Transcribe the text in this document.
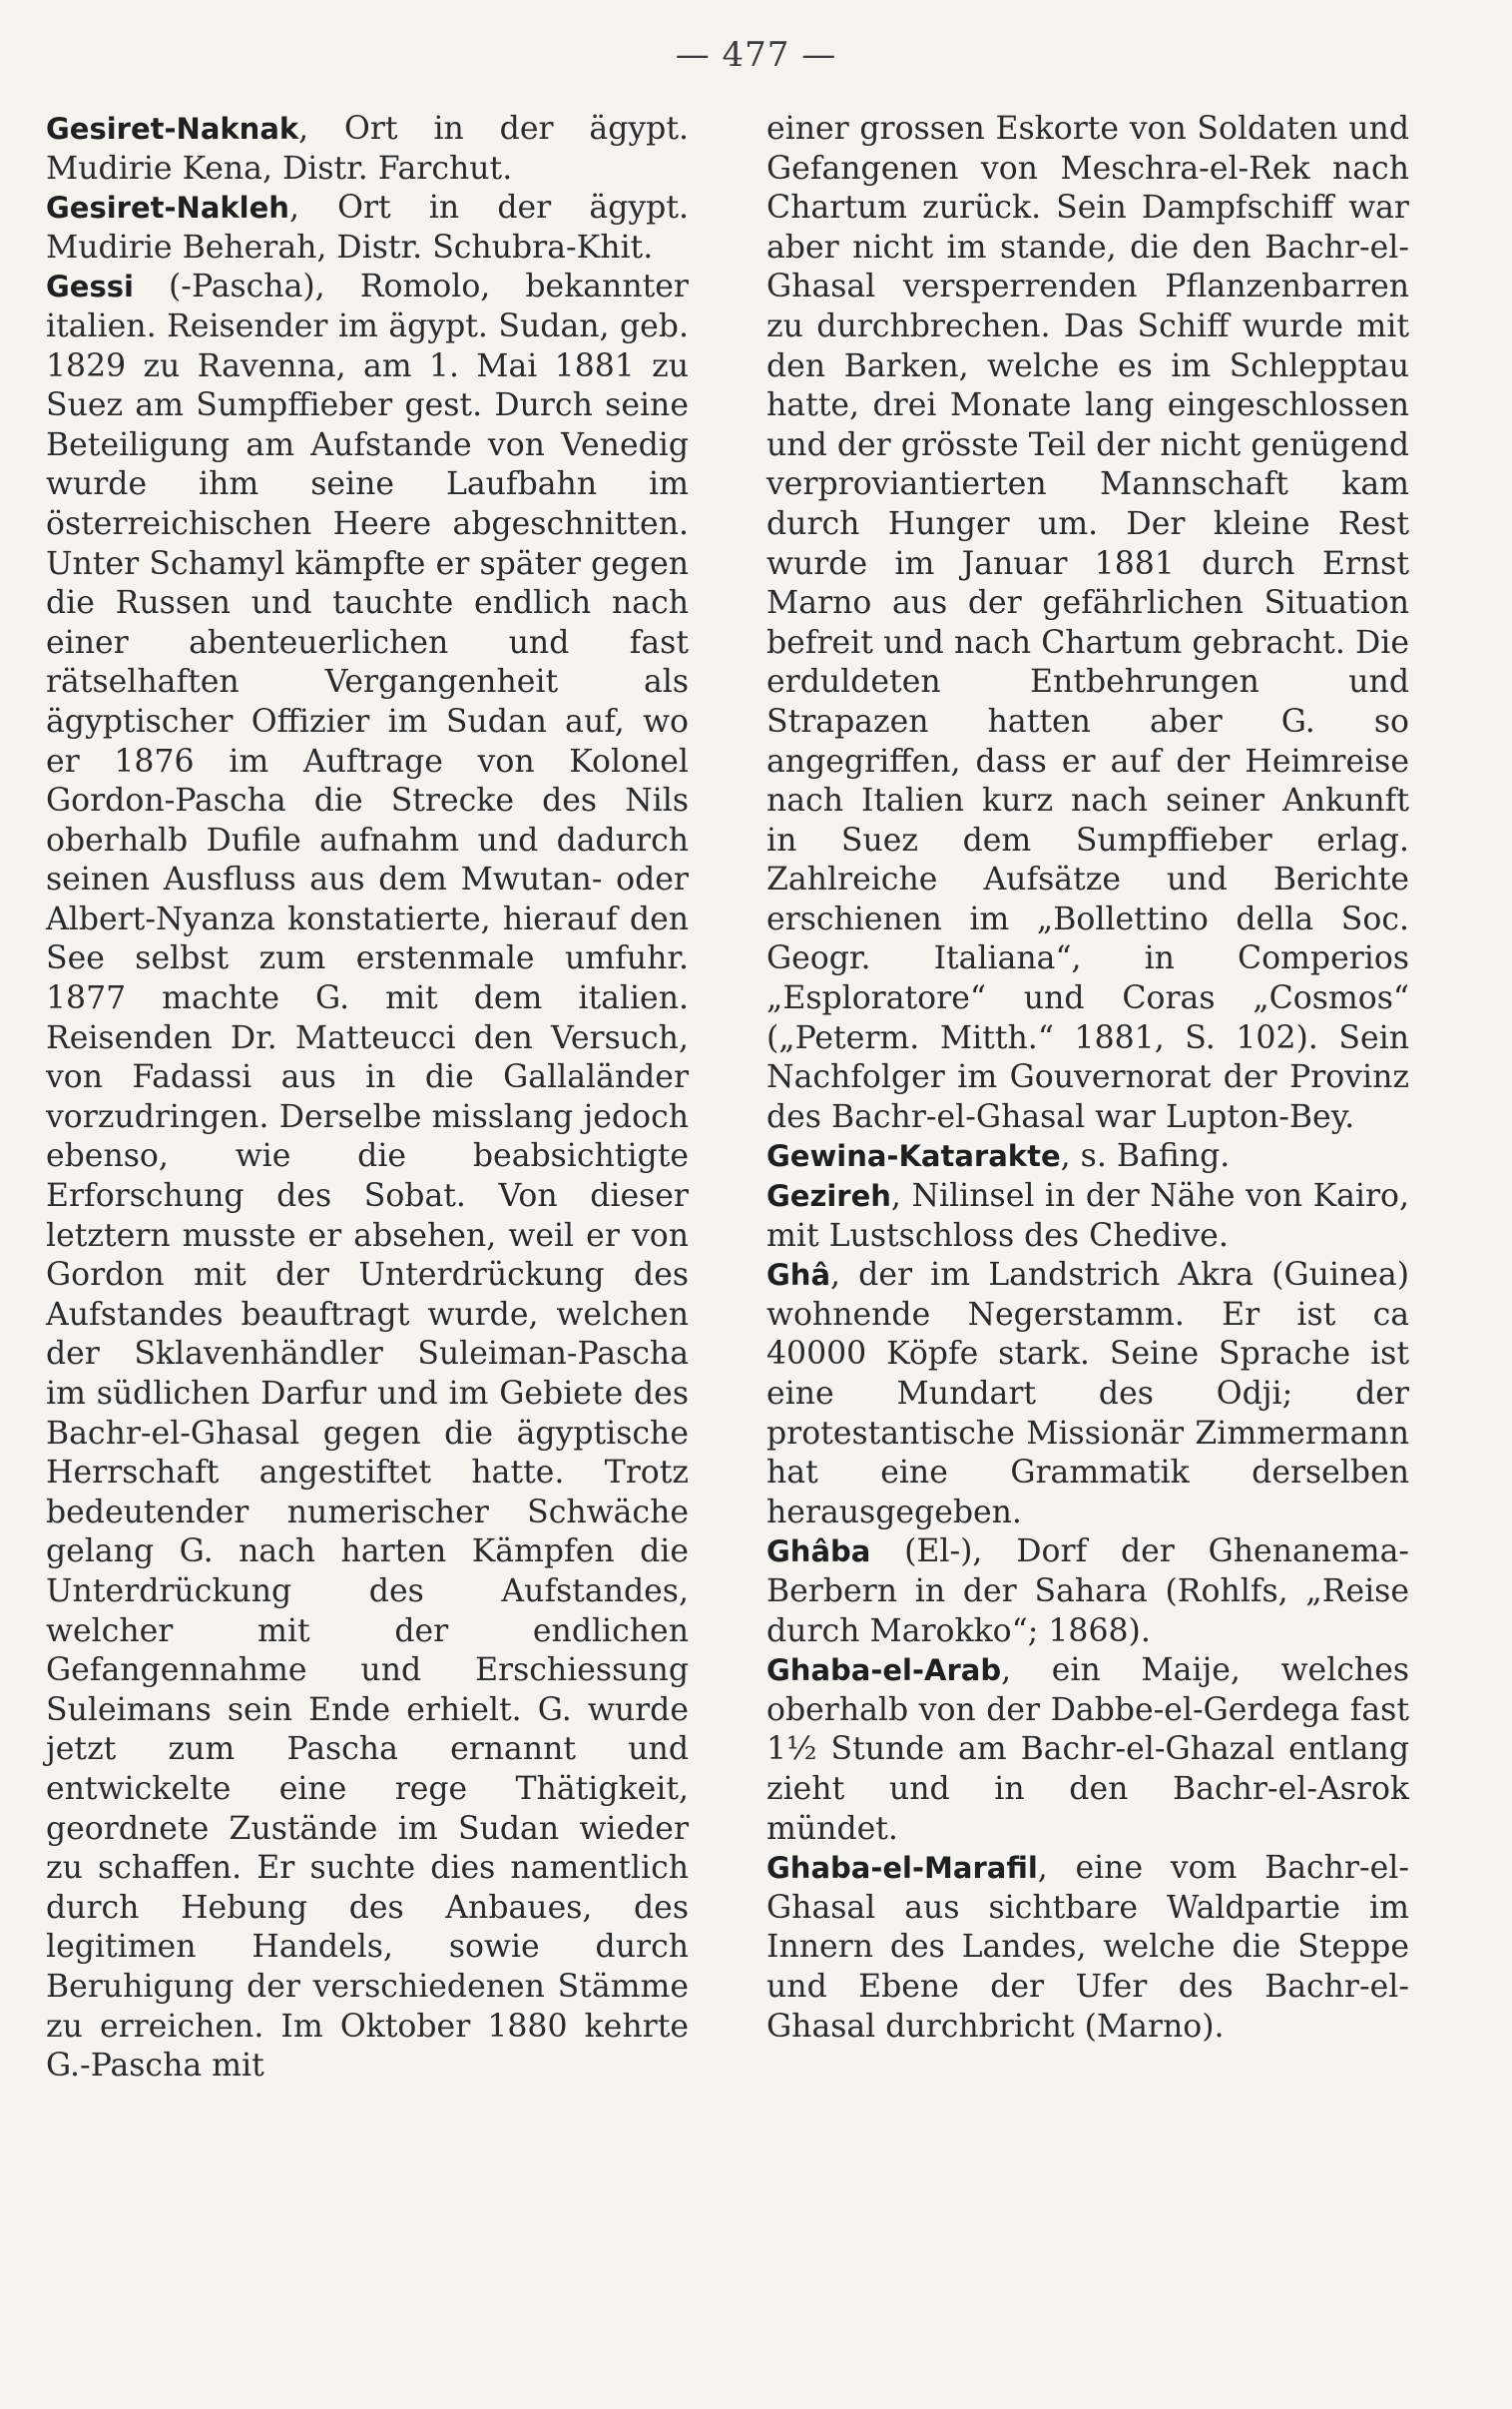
— 477 —

Gesiret-Naknak, Ort in der ägypt. Mudirie Kena, Distr. Farchut.

Gesiret-Nakleh, Ort in der ägypt. Mudirie Beherah, Distr. Schubra-Khit.

Gessi (-Pascha), Romolo, bekannter italien. Reisender im ägypt. Sudan, geb. 1829 zu Ravenna, am 1. Mai 1881 zu Suez am Sumpffieber gest. Durch seine Beteiligung am Aufstande von Venedig wurde ihm seine Laufbahn im österreichischen Heere abgeschnitten. Unter Schamyl kämpfte er später gegen die Russen und tauchte endlich nach einer abenteuerlichen und fast rätselhaften Vergangenheit als ägyptischer Offizier im Sudan auf, wo er 1876 im Auftrage von Kolonel Gordon-Pascha die Strecke des Nils oberhalb Dufile aufnahm und dadurch seinen Ausfluss aus dem Mwutan- oder Albert-Nyanza konstatierte, hierauf den See selbst zum erstenmale umfuhr. 1877 machte G. mit dem italien. Reisenden Dr. Matteucci den Versuch, von Fadassi aus in die Gallaländer vorzudringen. Derselbe misslang jedoch ebenso, wie die beabsichtigte Erforschung des Sobat. Von dieser letztern musste er absehen, weil er von Gordon mit der Unterdrückung des Aufstandes beauftragt wurde, welchen der Sklavenhändler Suleiman-Pascha im südlichen Darfur und im Gebiete des Bachr-el-Ghasal gegen die ägyptische Herrschaft angestiftet hatte. Trotz bedeutender numerischer Schwäche gelang G. nach harten Kämpfen die Unterdrückung des Aufstandes, welcher mit der endlichen Gefangennahme und Erschiessung Suleimans sein Ende erhielt. G. wurde jetzt zum Pascha ernannt und entwickelte eine rege Thätigkeit, geordnete Zustände im Sudan wieder zu schaffen. Er suchte dies namentlich durch Hebung des Anbaues, des legitimen Handels, sowie durch Beruhigung der verschiedenen Stämme zu erreichen. Im Oktober 1880 kehrte G.-Pascha mit

einer grossen Eskorte von Soldaten und Gefangenen von Meschra-el-Rek nach Chartum zurück. Sein Dampfschiff war aber nicht im stande, die den Bachr-el-Ghasal versperrenden Pflanzenbarren zu durchbrechen. Das Schiff wurde mit den Barken, welche es im Schlepptau hatte, drei Monate lang eingeschlossen und der grösste Teil der nicht genügend verproviantierten Mannschaft kam durch Hunger um. Der kleine Rest wurde im Januar 1881 durch Ernst Marno aus der gefährlichen Situation befreit und nach Chartum gebracht. Die erduldeten Entbehrungen und Strapazen hatten aber G. so angegriffen, dass er auf der Heimreise nach Italien kurz nach seiner Ankunft in Suez dem Sumpffieber erlag. Zahlreiche Aufsätze und Berichte erschienen im „Bollettino della Soc. Geogr. Italiana“, in Comperios „Esploratore“ und Coras „Cosmos“ („Peterm. Mitth.“ 1881, S. 102). Sein Nachfolger im Gouvernorat der Provinz des Bachr-el-Ghasal war Lupton-Bey.

Gewina-Katarakte, s. Bafing.

Gezireh, Nilinsel in der Nähe von Kairo, mit Lustschloss des Chedive.

Ghâ, der im Landstrich Akra (Guinea) wohnende Negerstamm. Er ist ca 40000 Köpfe stark. Seine Sprache ist eine Mundart des Odji; der protestantische Missionär Zimmermann hat eine Grammatik derselben herausgegeben.

Ghâba (El-), Dorf der Ghenanema-Berbern in der Sahara (Rohlfs, „Reise durch Marokko“; 1868).

Ghaba-el-Arab, ein Maije, welches oberhalb von der Dabbe-el-Gerdega fast 1½ Stunde am Bachr-el-Ghazal entlang zieht und in den Bachr-el-Asrok mündet.

Ghaba-el-Marafil, eine vom Bachr-el-Ghasal aus sichtbare Waldpartie im Innern des Landes, welche die Steppe und Ebene der Ufer des Bachr-el-Ghasal durchbricht (Marno).
